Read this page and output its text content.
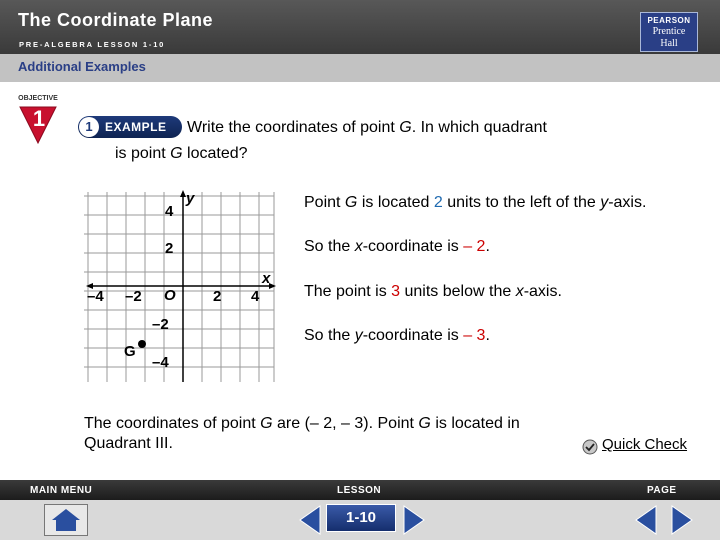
The Coordinate Plane
PRE-ALGEBRA LESSON 1-10
PEARSON
Prentice
Hall
Additional Examples
OBJECTIVE
1	1	EXAMPLE Write the coordinates of point G. In which quadrant
is point G located?
y
x
O
4
2
–2
–4
–4 –2	2 4
G
Point G is located 2 units to the left of the y-axis.
So the x-coordinate is – 2.
The point is 3 units below the x-axis.
So the y-coordinate is – 3.
The coordinates of point G are (– 2, – 3). Point G is located in
Quadrant III.	Quick Check
MAIN MENU	LESSON	PAGE
1-10
